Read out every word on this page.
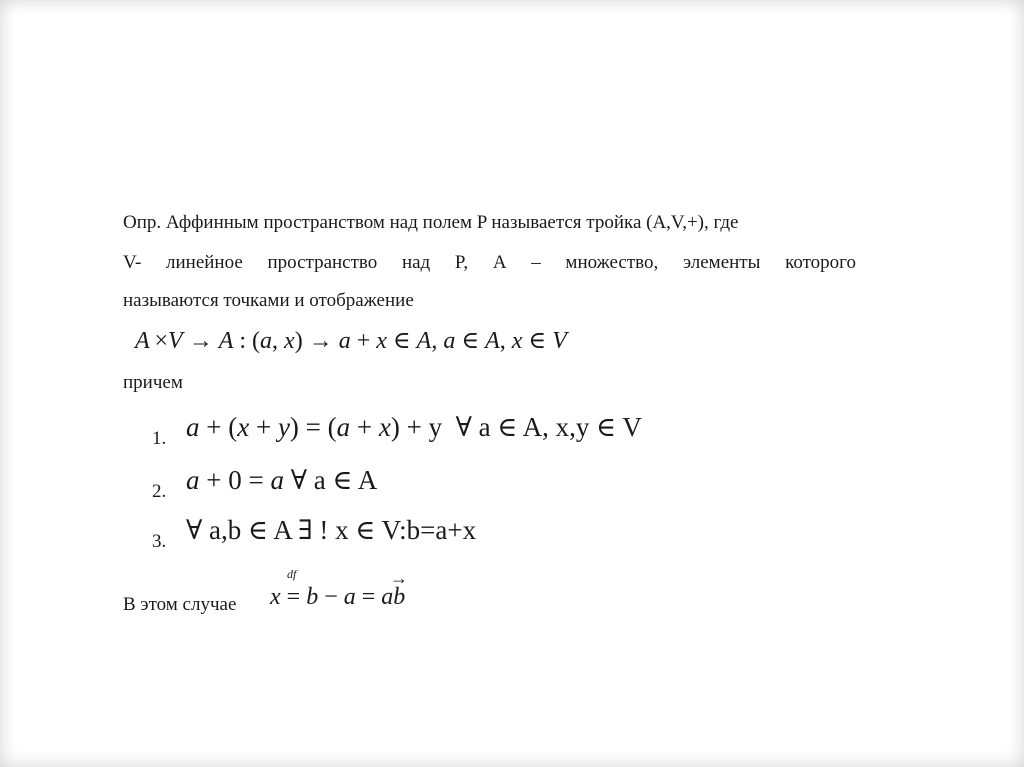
Опр. Аффинным пространством над полем P называется тройка (A,V,+), где
V- линейное пространство над P, A – множество, элементы которого
называются точками и отображение
A ×V → A : (a, x) → a + x ∈ A, a ∈ A, x ∈ V
причем
1. a + (x + y) = (a + x) + y  ∀ a ∈ A, x,y ∈ V
2. a + 0 = a ∀ a ∈ A
3. ∀ a,b ∈ A ∃ ! x ∈ V:b=a+x
В этом случае
df	→
x = b − a = ab
